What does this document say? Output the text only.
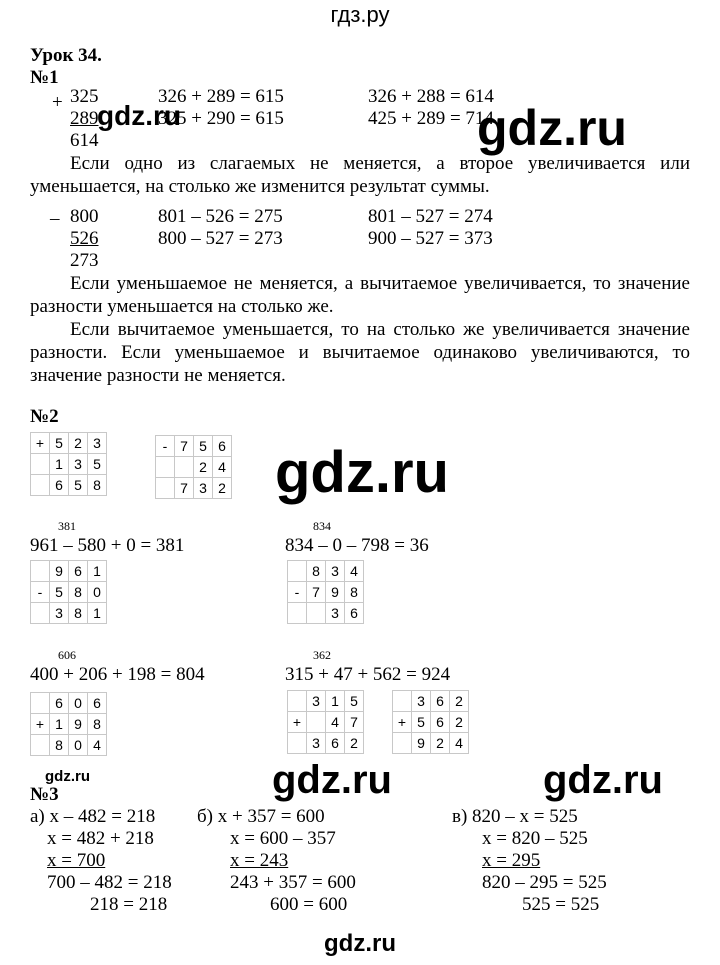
гдз.ру
Урок 34.
№1
+ 325
289
614
gdz.ru
326 + 289 = 615
325 + 290 = 615
326 + 288 = 614
425 + 289 = 714
gdz.ru
Если одно из слагаемых не меняется, а второе увеличивается или уменьшается, на столько же изменится результат суммы.
– 800
526
273
801 – 526 = 275
800 – 527 = 273
801 – 527 = 274
900 – 527 = 373
Если уменьшаемое не меняется, а вычитаемое увеличивается, то значение разности уменьшается на столько же.
Если вычитаемое уменьшается, то на столько же увеличивается значение разности. Если уменьшаемое и вычитаемое одинаково увеличиваются, то значение разности не меняется.
№2
+	5	2	3
	1	3	5
	6	5	8
-	7	5	6
		2	4
	7	3	2 gdz.ru
381
961 – 580 + 0 = 381
	9	6	1
-	5	8	0
	3	8	1
834
834 – 0 – 798 = 36
	8	3	4
-	7	9	8
		3	6
606
400 + 206 + 198 = 804
	6	0	6
+	1	9	8
	8	0	4
362
315 + 47 + 562 = 924
	3	1	5
+		4	7
	3	6	2
	3	6	2
+	5	6	2
	9	2	4
gdz.ru	gdz.ru	gdz.ru
№3
а) x – 482 = 218
x = 482 + 218
x = 700
700 – 482 = 218
218 = 218
б) x + 357 = 600
x = 600 – 357
x = 243
243 + 357 = 600
600 = 600
в) 820 – x = 525
x = 820 – 525
x = 295
820 – 295 = 525
525 = 525
gdz.ru
